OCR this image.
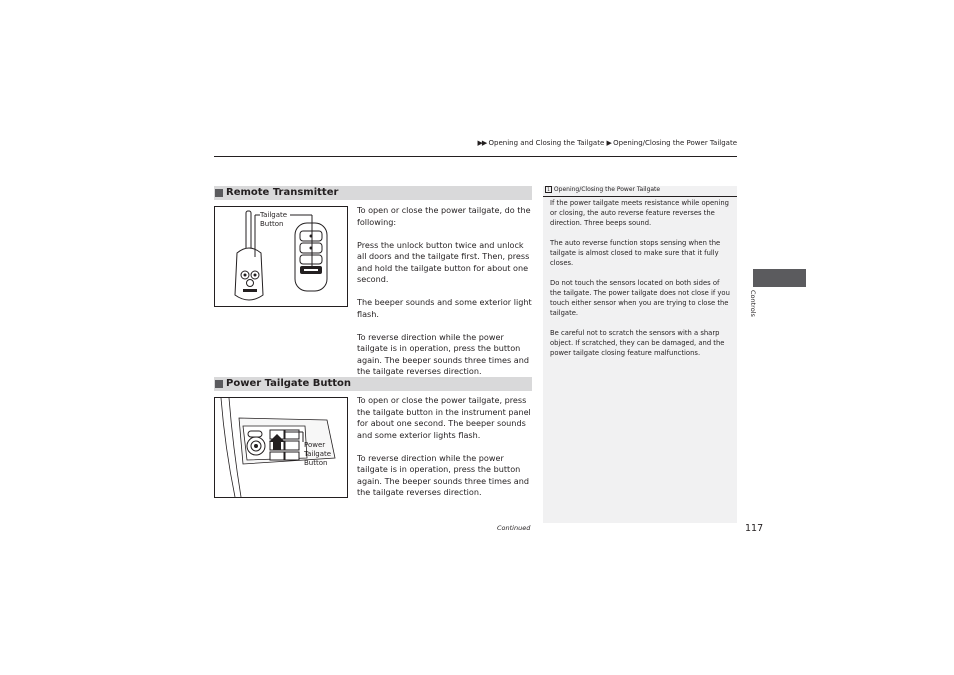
▶▶ Opening and Closing the Tailgate ▶ Opening/Closing the Power Tailgate
Remote Transmitter
Tailgate Button

To open or close the power tailgate, do the following:

Press the unlock button twice and unlock all doors and the tailgate first. Then, press and hold the tailgate button for about one second.

The beeper sounds and some exterior light flash.

To reverse direction while the power tailgate is in operation, press the button again. The beeper sounds three times and the tailgate reverses direction.

Power Tailgate Button
Power Tailgate Button

To open or close the power tailgate, press the tailgate button in the instrument panel for about one second. The beeper sounds and some exterior lights flash.

To reverse direction while the power tailgate is in operation, press the button again. The beeper sounds three times and the tailgate reverses direction.

1 Opening/Closing the Power Tailgate

If the power tailgate meets resistance while opening or closing, the auto reverse feature reverses the direction. Three beeps sound.

The auto reverse function stops sensing when the tailgate is almost closed to make sure that it fully closes.

Do not touch the sensors located on both sides of the tailgate. The power tailgate does not close if you touch either sensor when you are trying to close the tailgate.

Be careful not to scratch the sensors with a sharp object. If scratched, they can be damaged, and the power tailgate closing feature malfunctions.

Controls
Continued	117
